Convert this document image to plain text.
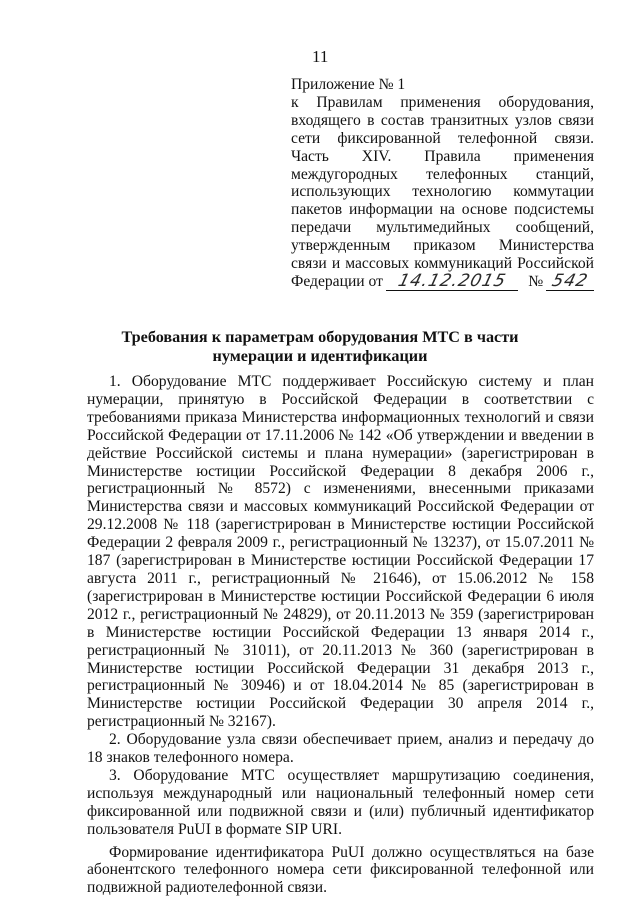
11
Приложение № 1
к Правилам применения оборудования, входящего в состав транзитных узлов связи сети фиксированной телефонной связи. Часть XIV. Правила применения междугородных телефонных станций, использующих технологию коммутации пакетов информации на основе подсистемы передачи мультимедийных сообщений, утвержденным приказом Министерства связи и массовых коммуникаций Российской
Федерации от 14.12.2015 № 542
Требования к параметрам оборудования МТС в части
нумерации и идентификации

1. Оборудование МТС поддерживает Российскую систему и план нумерации, принятую в Российской Федерации в соответствии с требованиями приказа Министерства информационных технологий и связи Российской Федерации от 17.11.2006 № 142 «Об утверждении и введении в действие Российской системы и плана нумерации» (зарегистрирован в Министерстве юстиции Российской Федерации 8 декабря 2006 г., регистрационный № 8572) с изменениями, внесенными приказами Министерства связи и массовых коммуникаций Российской Федерации от 29.12.2008 № 118 (зарегистрирован в Министерстве юстиции Российской Федерации 2 февраля 2009 г., регистрационный № 13237), от 15.07.2011 № 187 (зарегистрирован в Министерстве юстиции Российской Федерации 17 августа 2011 г., регистрационный № 21646), от 15.06.2012 № 158 (зарегистрирован в Министерстве юстиции Российской Федерации 6 июля 2012 г., регистрационный № 24829), от 20.11.2013 № 359 (зарегистрирован в Министерстве юстиции Российской Федерации 13 января 2014 г., регистрационный № 31011), от 20.11.2013 № 360 (зарегистрирован в Министерстве юстиции Российской Федерации 31 декабря 2013 г., регистрационный № 30946) и от 18.04.2014 № 85 (зарегистрирован в Министерстве юстиции Российской Федерации 30 апреля 2014 г., регистрационный № 32167).

2. Оборудование узла связи обеспечивает прием, анализ и передачу до 18 знаков телефонного номера.

3. Оборудование МТС осуществляет маршрутизацию соединения, используя международный или национальный телефонный номер сети фиксированной или подвижной связи и (или) публичный идентификатор пользователя PuUI в формате SIP URI.

Формирование идентификатора PuUI должно осуществляться на базе абонентского телефонного номера сети фиксированной телефонной или подвижной радиотелефонной связи.
